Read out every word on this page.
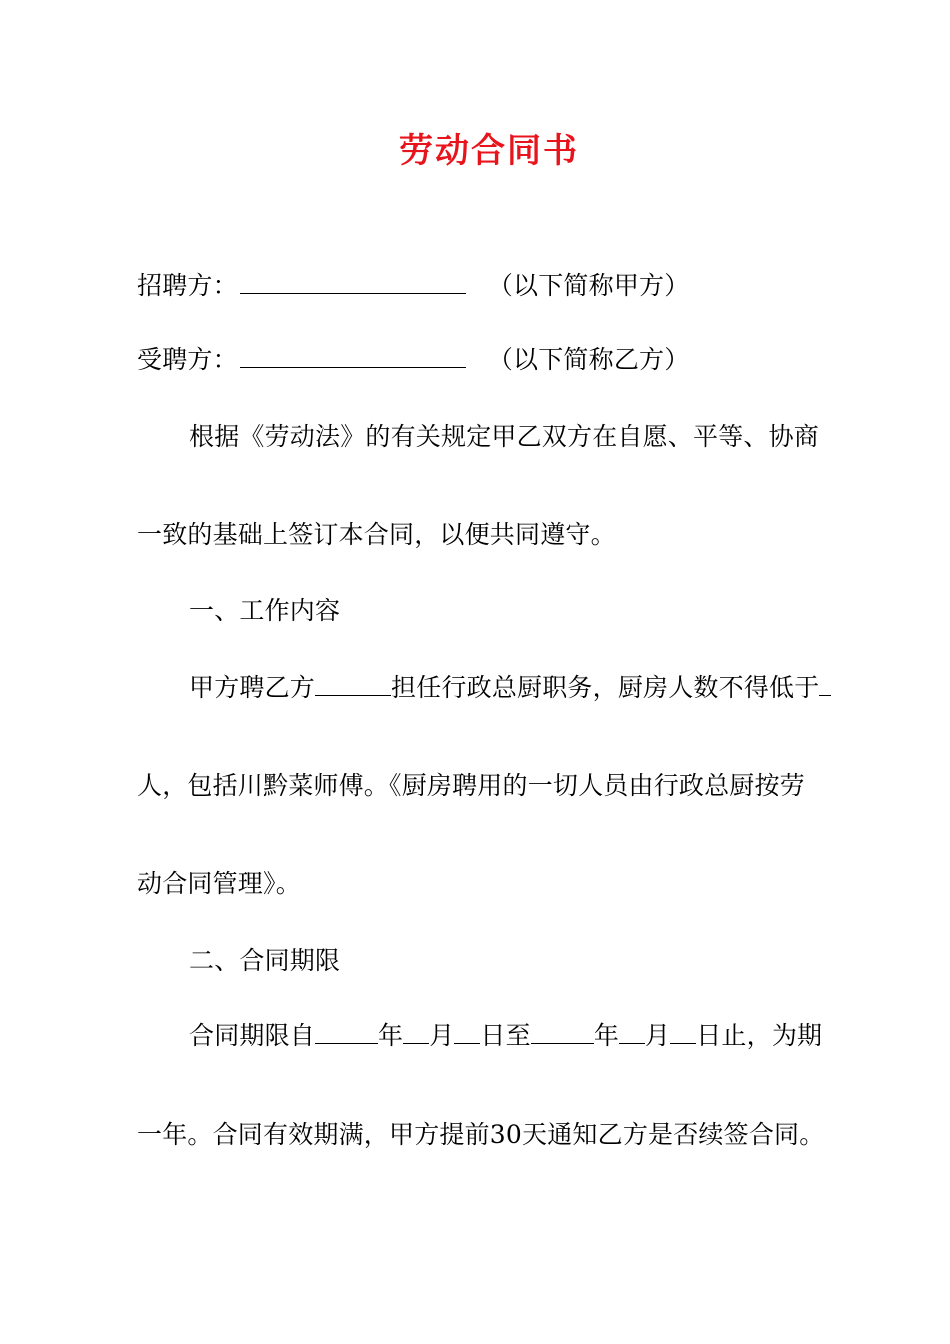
劳动合同书
招聘方：	（以下简称甲方）
受聘方：	（以下简称乙方）
根据《劳动法》的有关规定甲乙双方在自愿、平等、协商
一致的基础上签订本合同，以便共同遵守。
一、工作内容
甲方聘乙方	担任行政总厨职务，厨房人数不得低于
人，包括川黔菜师傅。《厨房聘用的一切人员由行政总厨按劳
动合同管理》。
二、合同期限
合同期限自	年 月 日至	年 月 日止，为期
一年。合同有效期满，甲方提前30天通知乙方是否续签合同。
